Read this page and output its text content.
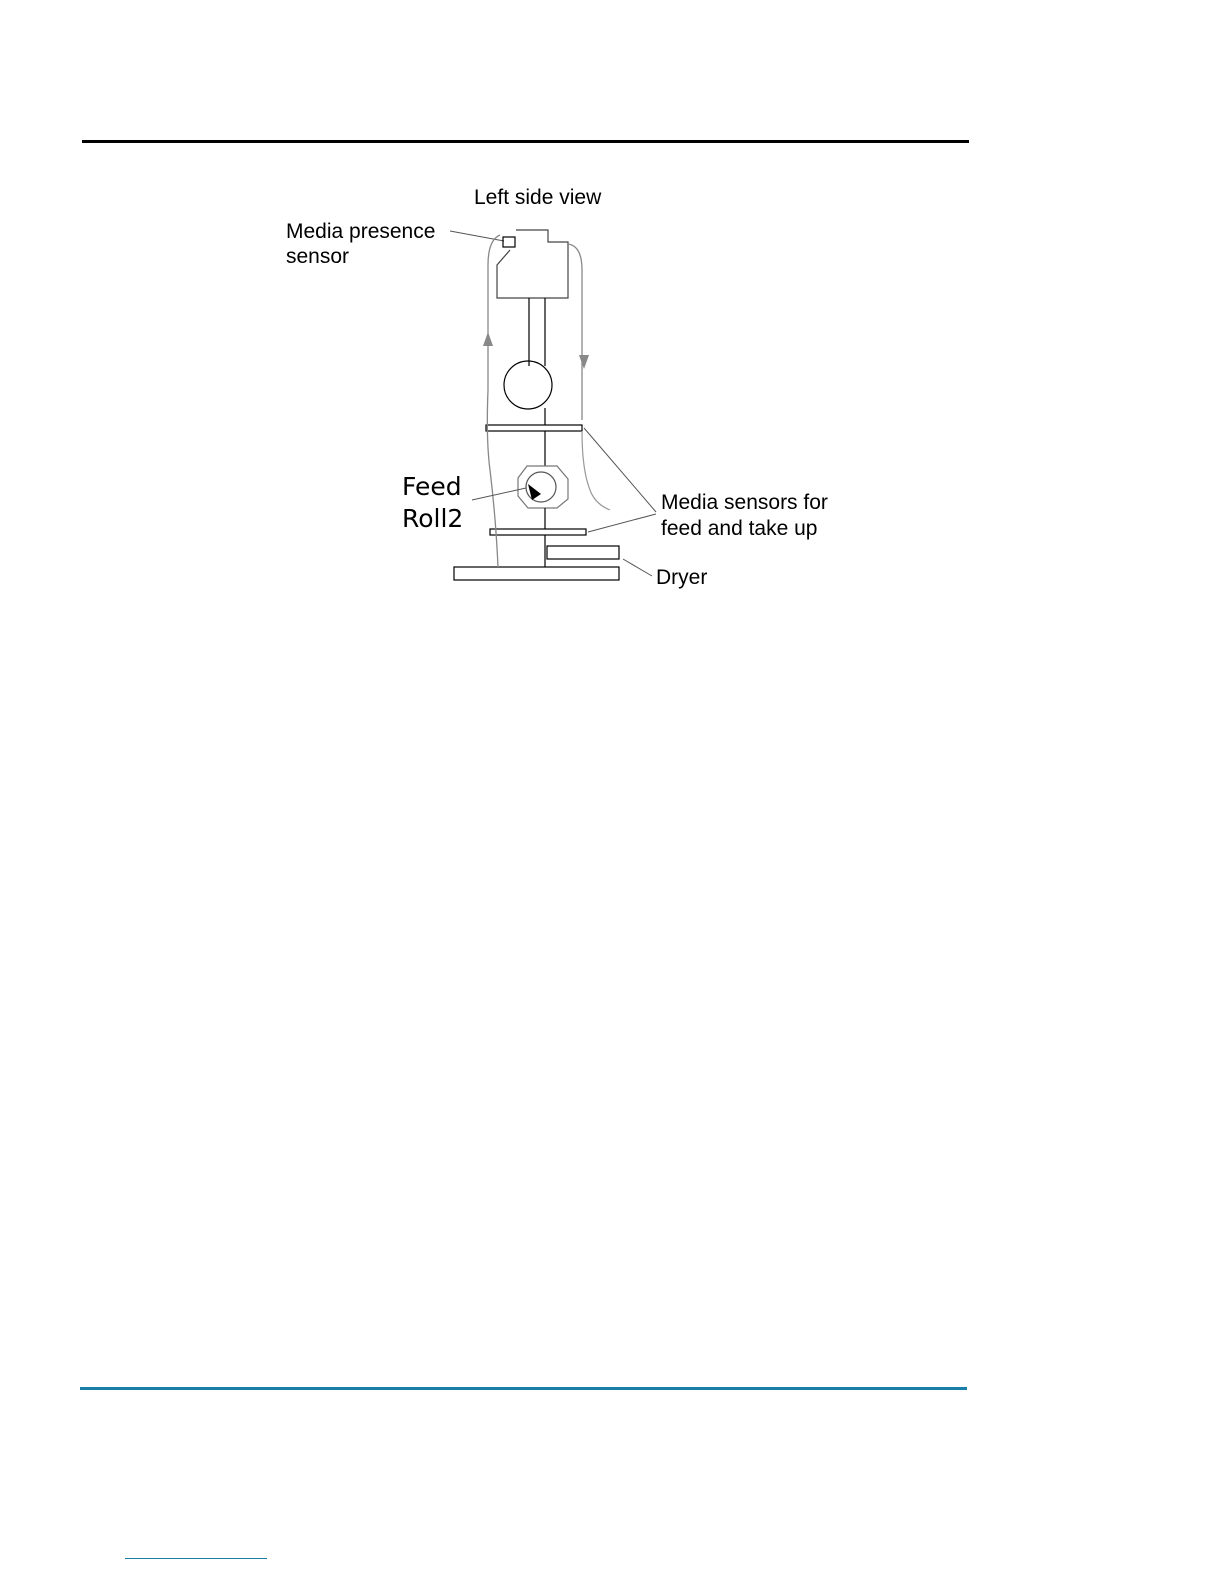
Left side view
Media presence
sensor
Feed
Roll2
Media sensors for
feed and take up
Dryer
